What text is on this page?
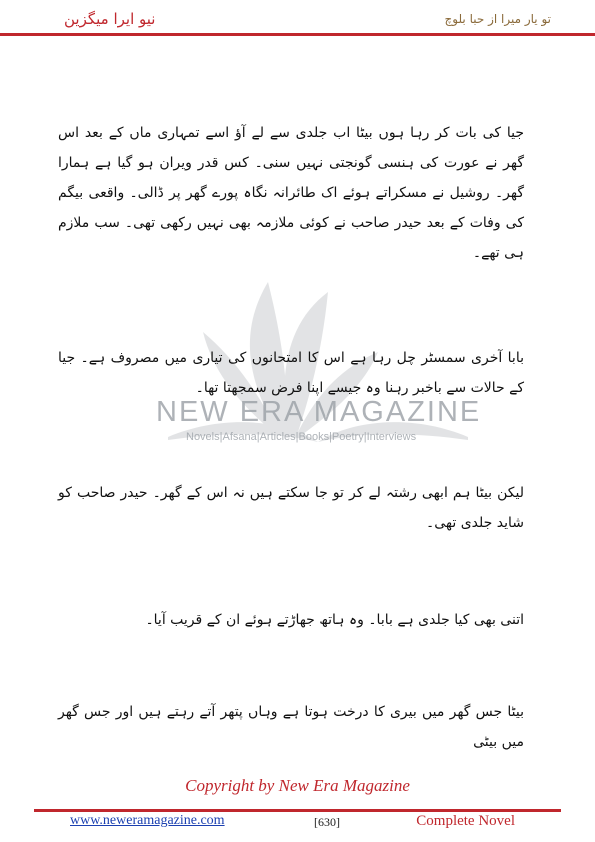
نیو ایرا میگزین	تو یار میرا از حبا بلوچ
NEW ERA MAGAZINE
Novels|Afsana|Articles|Books|Poetry|Interviews

جیا کی بات کر رہا ہوں بیٹا اب جلدی سے لے آؤ اسے تمہاری ماں کے بعد اس گھر نے عورت کی ہنسی گونجتی نہیں سنی۔ کس قدر ویران ہو گیا ہے ہمارا گھر۔ روشیل نے مسکراتے ہوئے اک طائرانہ نگاہ پورے گھر پر ڈالی۔ واقعی بیگم کی وفات کے بعد حیدر صاحب نے کوئی ملازمہ بھی نہیں رکھی تھی۔ سب ملازم ہی تھے۔

بابا آخری سمسٹر چل رہا ہے اس کا امتحانوں کی تیاری میں مصروف ہے۔ جیا کے حالات سے باخبر رہنا وہ جیسے اپنا فرض سمجھتا تھا۔

لیکن بیٹا ہم ابھی رشتہ لے کر تو جا سکتے ہیں نہ اس کے گھر۔ حیدر صاحب کو شاید جلدی تھی۔

اتنی بھی کیا جلدی ہے بابا۔ وہ ہاتھ جھاڑتے ہوئے ان کے قریب آیا۔

بیٹا جس گھر میں بیری کا درخت ہوتا ہے وہاں پتھر آتے رہتے ہیں اور جس گھر میں بیٹی

Copyright by New Era Magazine
www.neweramagazine.com	[630]	Complete Novel
